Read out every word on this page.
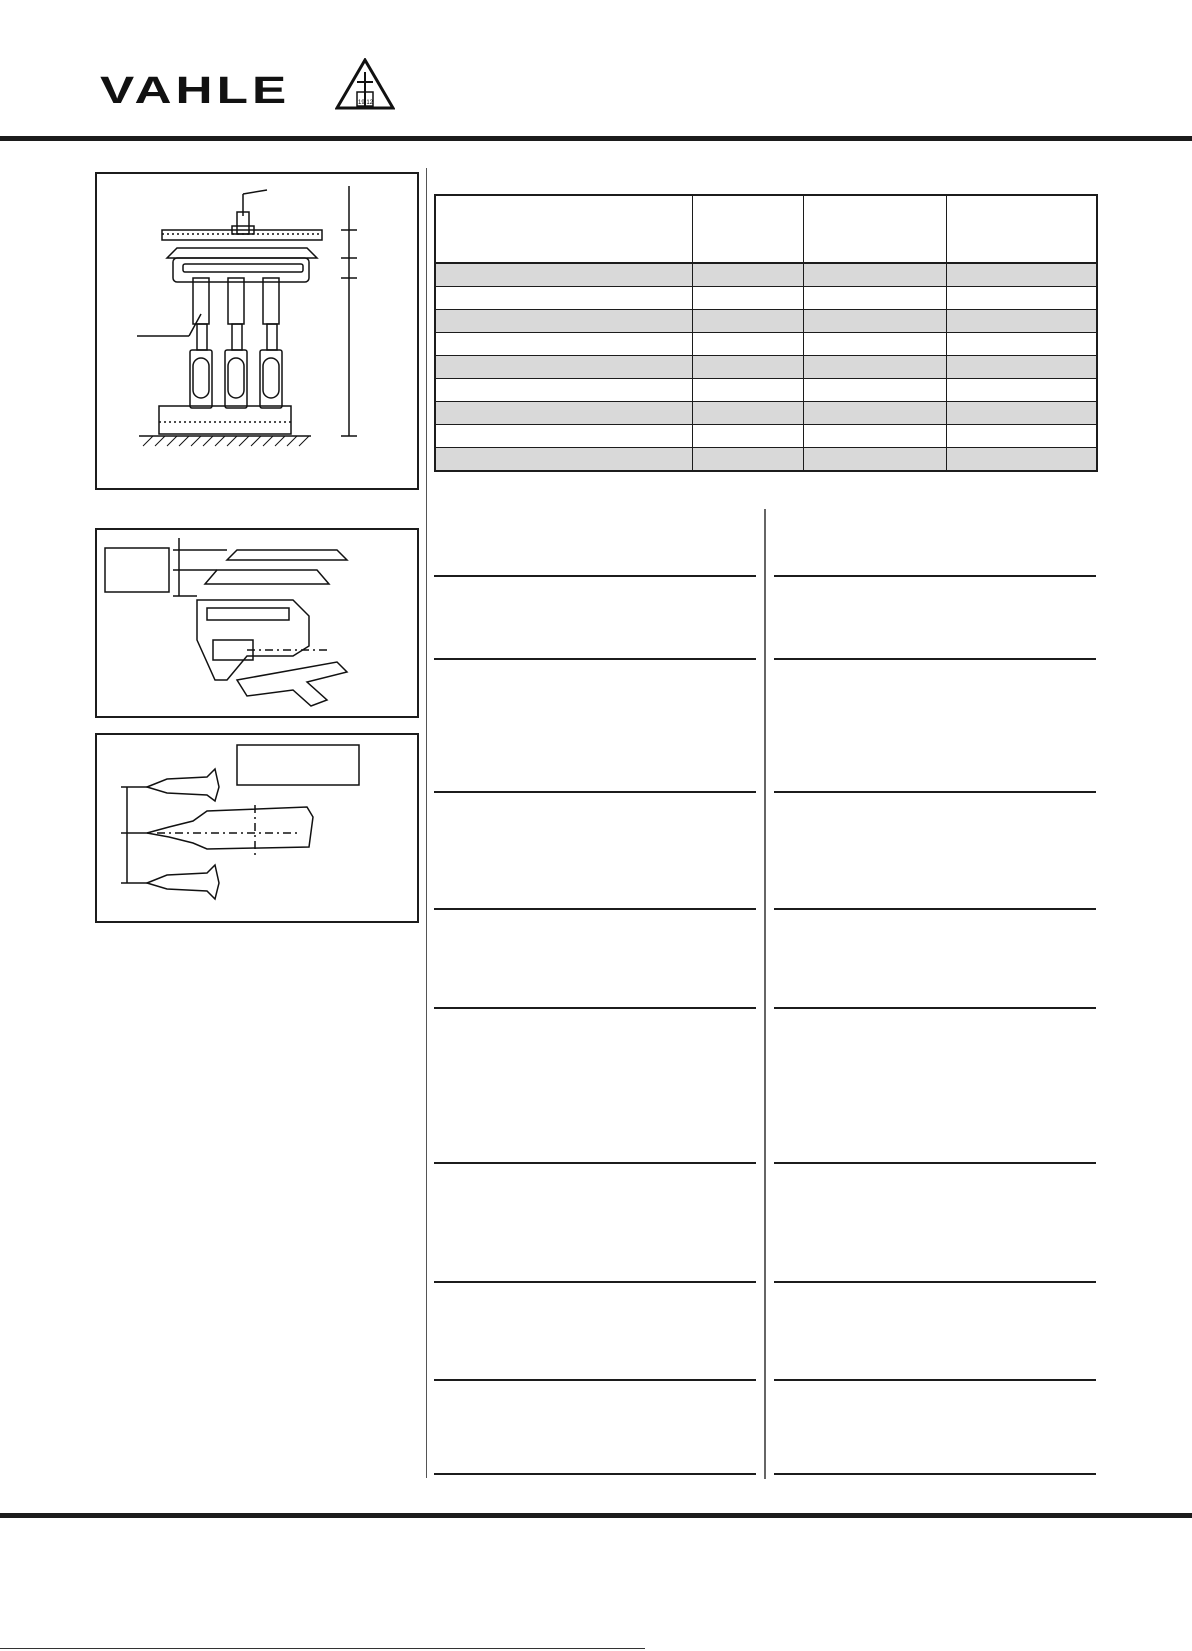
VAHLE	19 12
